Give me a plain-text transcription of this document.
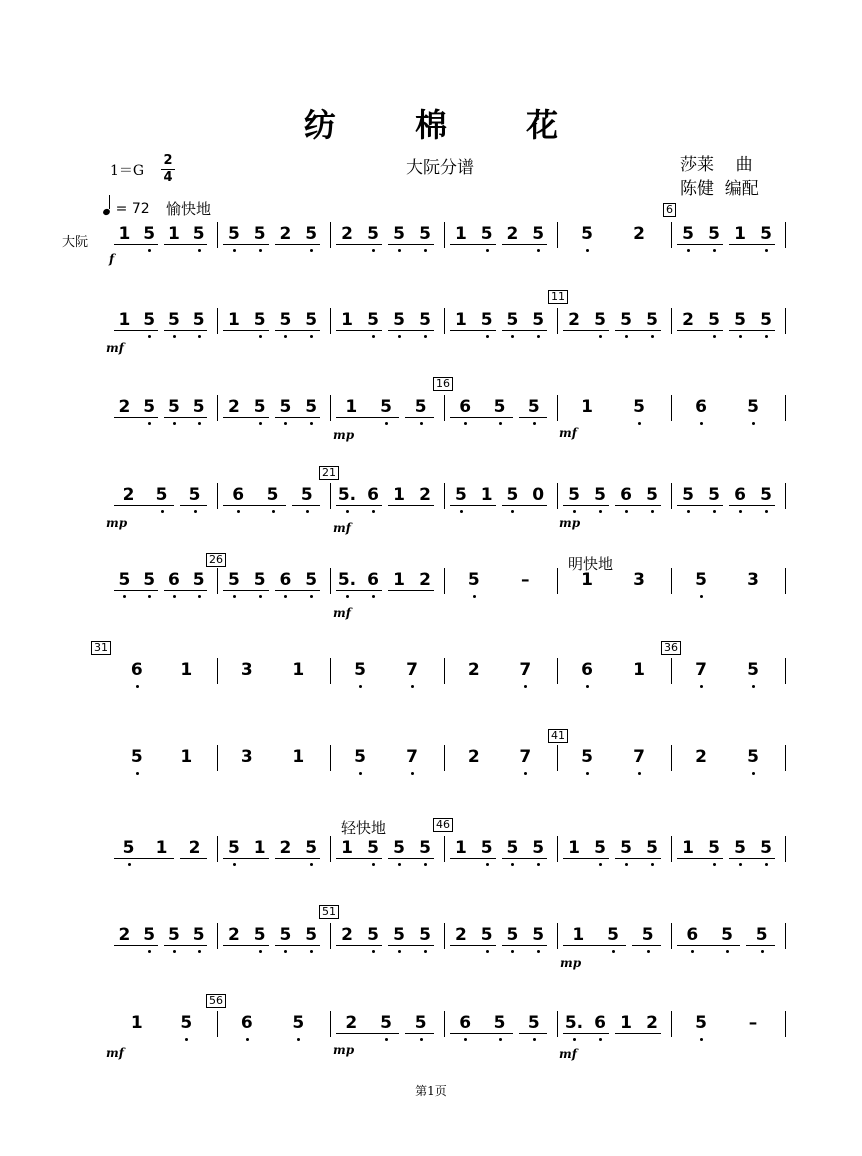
纺 棉 花
大阮分谱	莎莱    曲
陈健  编配
1＝G
2
4
= 72 愉快地
明快地
轻快地
大阮
第1页
1 5 1 5	5 5 2 5	2 5 5 5	1 5 2 5	5	2	5 5 1 5
1 5 5 5	1 5 5 5	1 5 5 5	1 5 5 5	2 5 5 5	2 5 5 5
2 5 5 5	2 5 5 5	1	5	5	6	5	5	1	5	6	5
2	5	5	6	5	5	5. 6 1 2	5 1 5 0	5 5 6 5	5 5 6 5
5 5 6 5	5 5 6 5	5. 6 1 2	5	–	1	3	5	3
6	1	3	1	5	7	2	7	6	1	7	5
5	1	3	1	5	7	2	7	5	7	2	5
5	1	2	5 1 2 5	1 5 5 5	1 5 5 5	1 5 5 5	1 5 5 5
2 5 5 5	2 5 5 5	2 5 5 5	2 5 5 5	1	5	5	6	5	5
1	5	6	5	2	5	5	6	5	5	5. 6 1 2	5	–
6
11
16
21
26
31	36
41
46
51
56
f
mf
mp	mf
mp	mf	mp
mf
mf
mp
mp	mf
